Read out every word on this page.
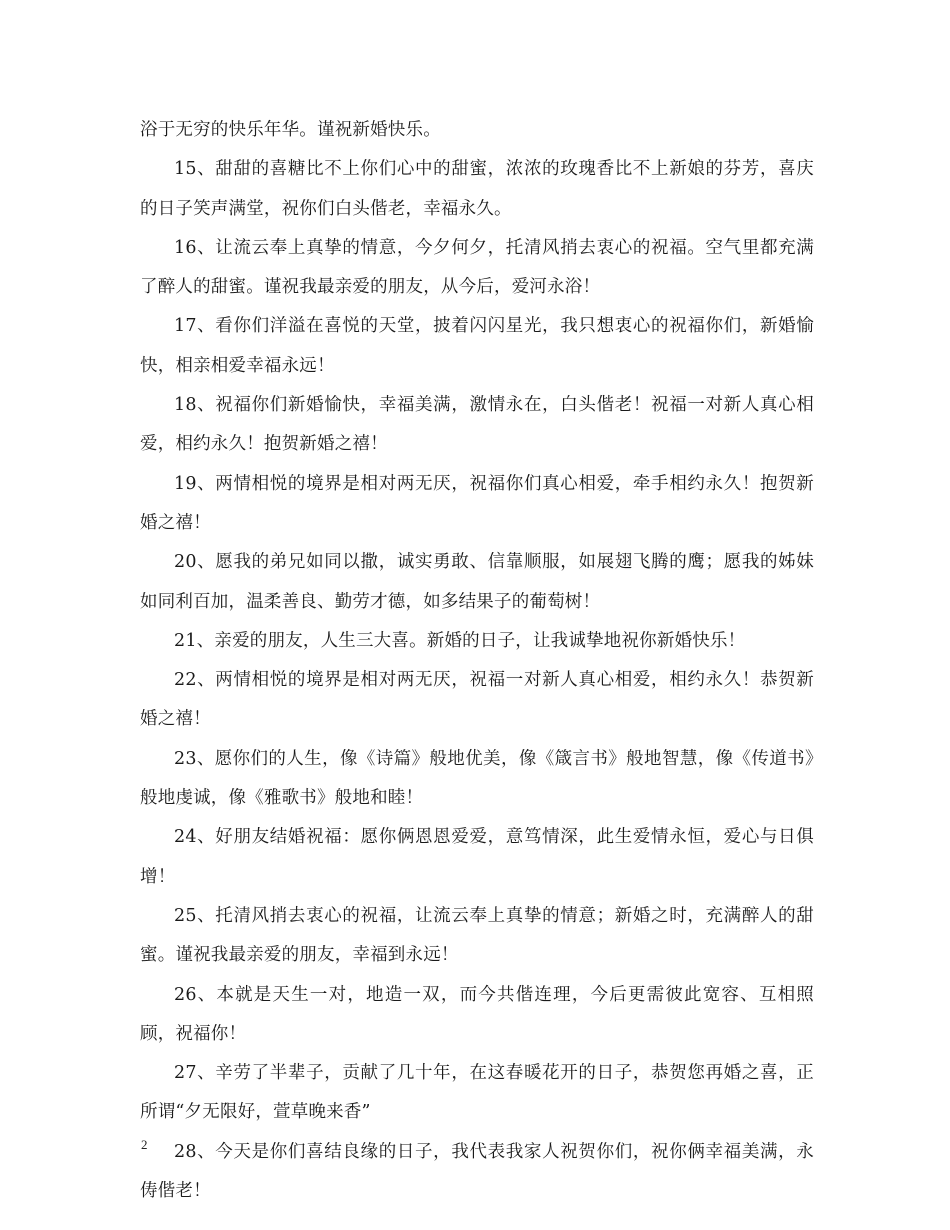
浴于无穷的快乐年华。谨祝新婚快乐。

15、甜甜的喜糖比不上你们心中的甜蜜，浓浓的玫瑰香比不上新娘的芬芳，喜庆的日子笑声满堂，祝你们白头偕老，幸福永久。

16、让流云奉上真挚的情意，今夕何夕，托清风捎去衷心的祝福。空气里都充满了醉人的甜蜜。谨祝我最亲爱的朋友，从今后，爱河永浴！

17、看你们洋溢在喜悦的天堂，披着闪闪星光，我只想衷心的祝福你们，新婚愉快，相亲相爱幸福永远！

18、祝福你们新婚愉快，幸福美满，激情永在，白头偕老！祝福一对新人真心相爱，相约永久！抱贺新婚之禧！

19、两情相悦的境界是相对两无厌，祝福你们真心相爱，牵手相约永久！抱贺新婚之禧！

20、愿我的弟兄如同以撒，诚实勇敢、信靠顺服，如展翅飞腾的鹰；愿我的姊妹如同利百加，温柔善良、勤劳才德，如多结果子的葡萄树！

21、亲爱的朋友，人生三大喜。新婚的日子，让我诚挚地祝你新婚快乐！

22、两情相悦的境界是相对两无厌，祝福一对新人真心相爱，相约永久！恭贺新婚之禧！

23、愿你们的人生，像《诗篇》般地优美，像《箴言书》般地智慧，像《传道书》般地虔诚，像《雅歌书》般地和睦！

24、好朋友结婚祝福：愿你俩恩恩爱爱，意笃情深，此生爱情永恒，爱心与日俱增！

25、托清风捎去衷心的祝福，让流云奉上真挚的情意；新婚之时，充满醉人的甜蜜。谨祝我最亲爱的朋友，幸福到永远！

26、本就是天生一对，地造一双，而今共偕连理，今后更需彼此宽容、互相照顾，祝福你！

27、辛劳了半辈子，贡献了几十年，在这春暖花开的日子，恭贺您再婚之喜，正所谓“夕无限好，萱草晚来香”

28、今天是你们喜结良缘的日子，我代表我家人祝贺你们，祝你俩幸福美满，永俦偕老！

2
